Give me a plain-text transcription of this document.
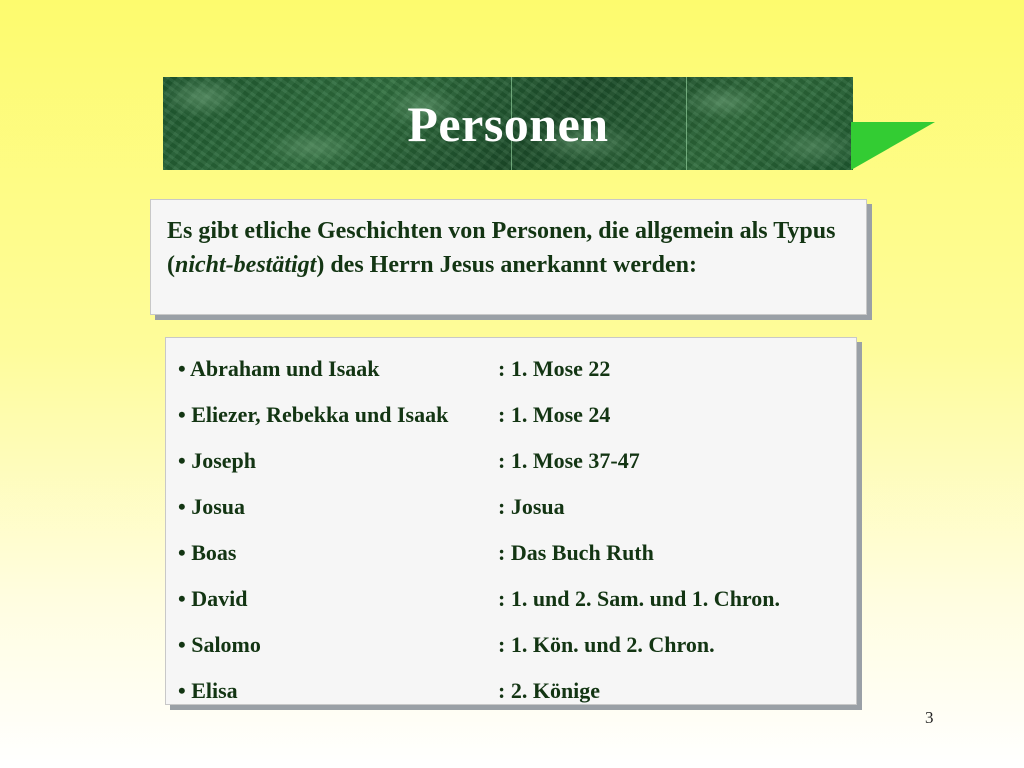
Personen
Es gibt etliche Geschichten von Personen, die allgemein als Typus (nicht-bestätigt) des Herrn Jesus anerkannt werden:
• Abraham und Isaak	: 1. Mose 22
• Eliezer, Rebekka und Isaak	: 1. Mose 24
• Joseph	: 1. Mose 37-47
• Josua	: Josua
• Boas	: Das Buch Ruth
• David	: 1. und 2. Sam. und 1. Chron.
• Salomo	: 1. Kön. und 2. Chron.
• Elisa	: 2. Könige
3
